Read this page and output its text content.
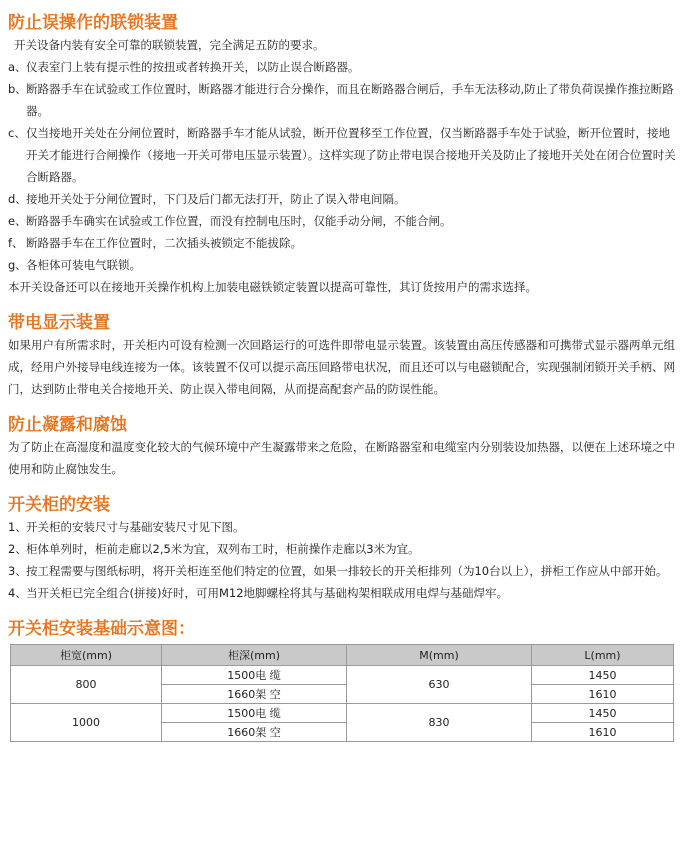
防止误操作的联锁装置

开关设备内装有安全可靠的联锁装置，完全满足五防的要求。

a、 仪表室门上装有提示性的按扭或者转换开关，以防止误合断路器。
b、 断路器手车在试验或工作位置时，断路器才能进行合分操作，而且在断路器合闸后，手车无法移动,防止了带负荷误操作推拉断路器。
c、 仅当接地开关处在分闸位置时，断路器手车才能从试验，断开位置移至工作位置，仅当断路器手车处于试验，断开位置时，接地开关才能进行合闸操作（接地一开关可带电压显示装置）。这样实现了防止带电误合接地开关及防止了接地开关处在闭合位置时关合断路器。
d、 接地开关处于分闸位置时，下门及后门都无法打开，防止了误入带电间隔。
e、 断路器手车确实在试验或工作位置，而没有控制电压时，仅能手动分闸，不能合闸。
f、 断路器手车在工作位置时，二次插头被锁定不能拔除。
g、 各柜体可装电气联锁。

本开关设备还可以在接地开关操作机构上加装电磁铁锁定装置以提高可靠性，其订货按用户的需求选择。

带电显示装置

如果用户有所需求时，开关柜内可设有检测一次回路运行的可选件即带电显示装置。该装置由高压传感器和可携带式显示器两单元组成，经用户外接导电线连接为一体。该装置不仅可以提示高压回路带电状况，而且还可以与电磁锁配合，实现强制闭锁开关手柄、网门，达到防止带电关合接地开关、防止误入带电间隔，从而提高配套产品的防误性能。

防止凝露和腐蚀

为了防止在高湿度和温度变化较大的气候环境中产生凝露带来之危险，在断路器室和电缆室内分别装设加热器，以便在上述环境之中使用和防止腐蚀发生。

开关柜的安装
1、 开关柜的安装尺寸与基础安装尺寸见下图。
2、 柜体单列时，柜前走廊以2,5米为宜，双列布工时，柜前操作走廊以3米为宜。
3、 按工程需要与图纸标明，将开关柜连至他们特定的位置，如果一排较长的开关柜排列（为10台以上），拼柜工作应从中部开始。
4、 当开关柜已完全组合(拼接)好时，可用M12地脚螺栓将其与基础构架相联成用电焊与基础焊牢。
开关柜安装基础示意图：
柜宽(mm)	柜深(mm)	M(mm)	L(mm)
800	1500电 缆	630	1450
	1660架 空		1610
1000	1500电 缆	830	1450
	1660架 空		1610
